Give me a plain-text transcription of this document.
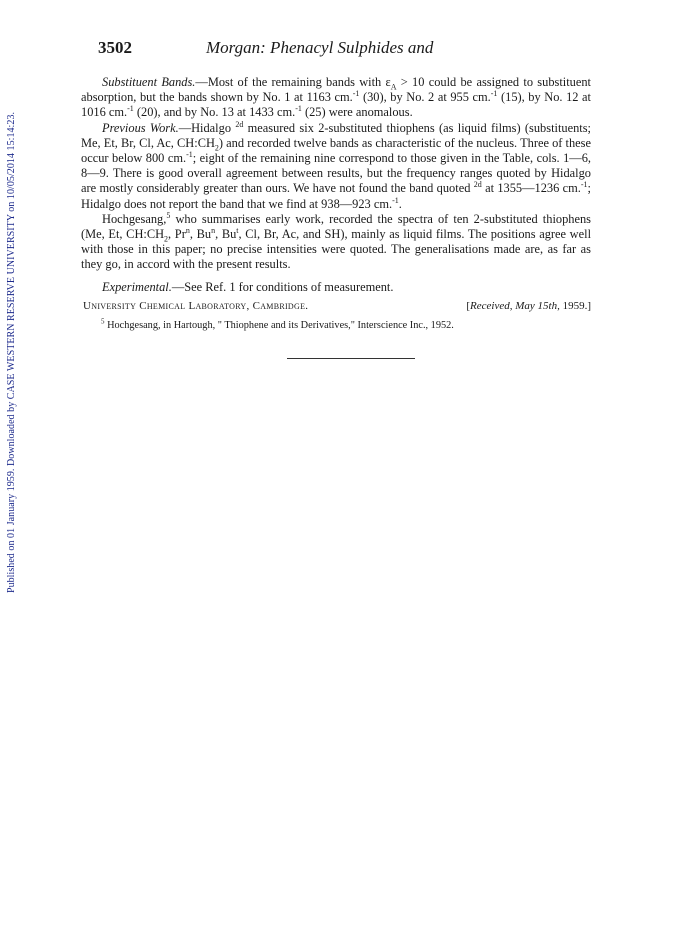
Published on 01 January 1959. Downloaded by CASE WESTERN RESERVE UNIVERSITY on 10/05/2014 15:14:23.
3502	Morgan: Phenacyl Sulphides and

Substituent Bands.—Most of the remaining bands with $\varepsilon_A > 10$ could be assigned to substituent absorption, but the bands shown by No. 1 at 1163 cm.$^{-1}$ (30), by No. 2 at 955 cm.$^{-1}$ (15), by No. 12 at 1016 cm.$^{-1}$ (20), and by No. 13 at 1433 cm.$^{-1}$ (25) were anomalous.

Previous Work.—Hidalgo $^{2d}$ measured six 2-substituted thiophens (as liquid films) (substituents; Me, Et, Br, Cl, Ac, $CH:CH_2$) and recorded twelve bands as characteristic of the nucleus. Three of these occur below 800 cm.$^{-1}$; eight of the remaining nine correspond to those given in the Table, cols. 1—6, 8—9. There is good overall agreement between results, but the frequency ranges quoted by Hidalgo are mostly considerably greater than ours. We have not found the band quoted $^{2d}$ at 1355—1236 cm.$^{-1}$; Hidalgo does not report the band that we find at 938—923 cm.$^{-1}$.

Hochgesang,$^5$ who summarises early work, recorded the spectra of ten 2-substituted thiophens (Me, Et, $CH:CH_2$, Pr$^n$, Bu$^n$, Bu$^t$, Cl, Br, Ac, and SH), mainly as liquid films. The positions agree well with those in this paper; no precise intensities were quoted. The generalisations made are, as far as they go, in accord with the present results.

Experimental.—See Ref. 1 for conditions of measurement.

University Chemical Laboratory, Cambridge.	[Received, May 15th, 1959.]
$^5$ Hochgesang, in Hartough, " Thiophene and its Derivatives," Interscience Inc., 1952.
